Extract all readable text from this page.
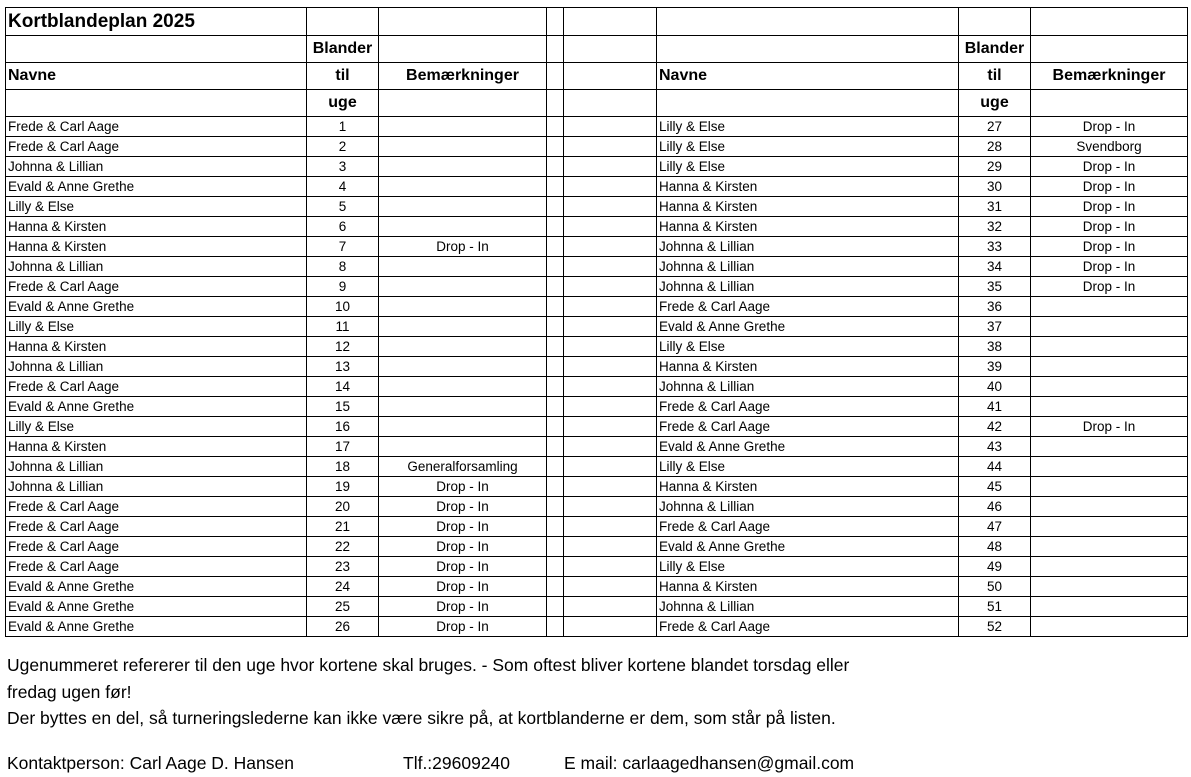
Kortblandeplan 2025							
	Blander					Blander	
Navne	til	Bemærkninger			Navne	til	Bemærkninger
	uge					uge	
Frede & Carl Aage	1				Lilly & Else	27	Drop - In
Frede & Carl Aage	2				Lilly & Else	28	Svendborg
Johnna & Lillian	3				Lilly & Else	29	Drop - In
Evald & Anne Grethe	4				Hanna & Kirsten	30	Drop - In
Lilly & Else	5				Hanna & Kirsten	31	Drop - In
Hanna & Kirsten	6				Hanna & Kirsten	32	Drop - In
Hanna & Kirsten	7	Drop - In			Johnna & Lillian	33	Drop - In
Johnna & Lillian	8				Johnna & Lillian	34	Drop - In
Frede & Carl Aage	9				Johnna & Lillian	35	Drop - In
Evald & Anne Grethe	10				Frede & Carl Aage	36	
Lilly & Else	11				Evald & Anne Grethe	37	
Hanna & Kirsten	12				Lilly & Else	38	
Johnna & Lillian	13				Hanna & Kirsten	39	
Frede & Carl Aage	14				Johnna & Lillian	40	
Evald & Anne Grethe	15				Frede & Carl Aage	41	
Lilly & Else	16				Frede & Carl Aage	42	Drop - In
Hanna & Kirsten	17				Evald & Anne Grethe	43	
Johnna & Lillian	18	Generalforsamling			Lilly & Else	44	
Johnna & Lillian	19	Drop - In			Hanna & Kirsten	45	
Frede & Carl Aage	20	Drop - In			Johnna & Lillian	46	
Frede & Carl Aage	21	Drop - In			Frede & Carl Aage	47	
Frede & Carl Aage	22	Drop - In			Evald & Anne Grethe	48	
Frede & Carl Aage	23	Drop - In			Lilly & Else	49	
Evald & Anne Grethe	24	Drop - In			Hanna & Kirsten	50	
Evald & Anne Grethe	25	Drop - In			Johnna & Lillian	51	
Evald & Anne Grethe	26	Drop - In			Frede & Carl Aage	52	
Ugenummeret refererer til den uge hvor kortene skal bruges. - Som oftest bliver kortene blandet torsdag eller
fredag ugen før!
Der byttes en del, så turneringslederne kan ikke være sikre på, at kortblanderne er dem, som står på listen.
Kontaktperson: Carl Aage D. Hansen	Tlf.:29609240	E mail: carlaagedhansen@gmail.com
